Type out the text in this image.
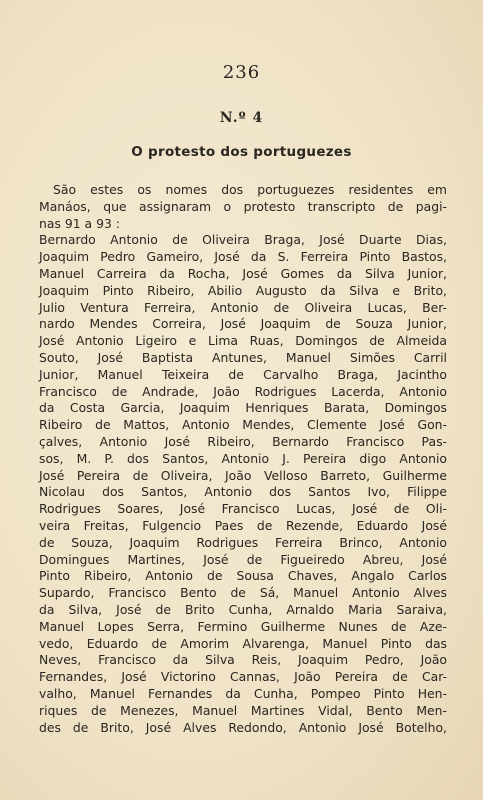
236
N.º 4
O protesto dos portuguezes
São estes os nomes dos portuguezes residentes em
Manáos, que assignaram o protesto transcripto de pagi-
nas 91 a 93 :
Bernardo Antonio de Oliveira Braga, José Duarte Dias,
Joaquim Pedro Gameiro, José da S. Ferreira Pinto Bastos,
Manuel Carreira da Rocha, José Gomes da Silva Junior,
Joaquim Pinto Ribeiro, Abilio Augusto da Silva e Brito,
Julio Ventura Ferreira, Antonio de Oliveira Lucas, Ber-
nardo Mendes Correira, José Joaquim de Souza Junior,
José Antonio Ligeiro e Lima Ruas, Domingos de Almeida
Souto, José Baptista Antunes, Manuel Simões Carril
Junior, Manuel Teixeira de Carvalho Braga, Jacintho
Francisco de Andrade, João Rodrigues Lacerda, Antonio
da Costa Garcia, Joaquim Henriques Barata, Domingos
Ribeiro de Mattos, Antonio Mendes, Clemente José Gon-
çalves, Antonio José Ribeiro, Bernardo Francisco Pas-
sos, M. P. dos Santos, Antonio J. Pereira digo Antonio
José Pereira de Oliveira, João Velloso Barreto, Guilherme
Nicolau dos Santos, Antonio dos Santos Ivo, Filippe
Rodrigues Soares, José Francisco Lucas, José de Oli-
veira Freitas, Fulgencio Paes de Rezende, Eduardo José
de Souza, Joaquim Rodrigues Ferreira Brinco, Antonio
Domingues Martines, José de Figueiredo Abreu, José
Pinto Ribeiro, Antonio de Sousa Chaves, Angalo Carlos
Supardo, Francisco Bento de Sá, Manuel Antonio Alves
da Silva, José de Brito Cunha, Arnaldo Maria Saraiva,
Manuel Lopes Serra, Fermino Guilherme Nunes de Aze-
vedo, Eduardo de Amorim Alvarenga, Manuel Pinto das
Neves, Francisco da Silva Reis, Joaquim Pedro, João
Fernandes, José Victorino Cannas, João Pereira de Car-
valho, Manuel Fernandes da Cunha, Pompeo Pinto Hen-
riques de Menezes, Manuel Martines Vidal, Bento Men-
des de Brito, José Alves Redondo, Antonio José Botelho,
